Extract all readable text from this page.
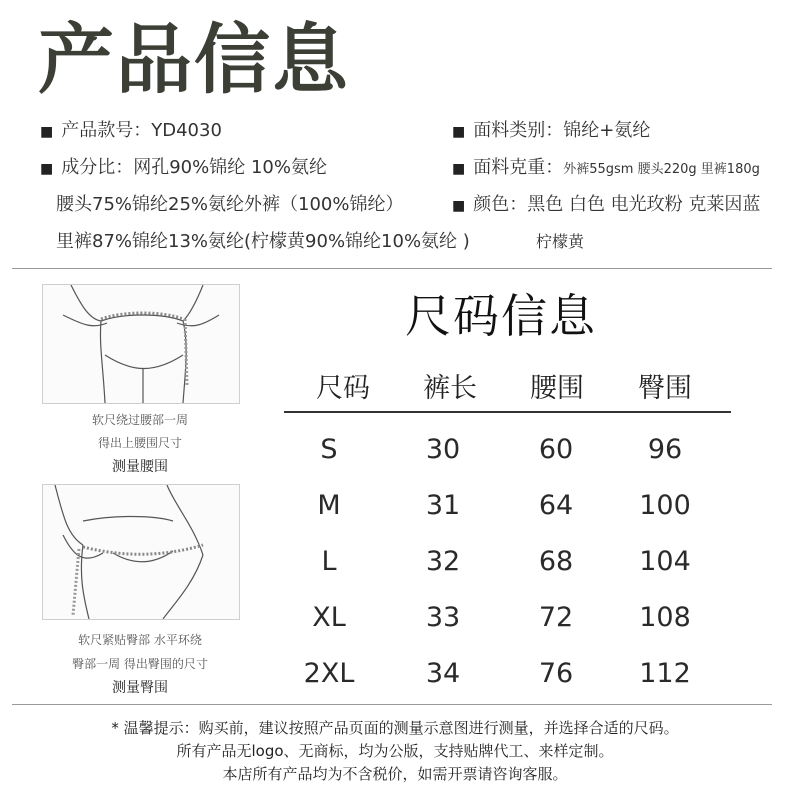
产品信息
■ 产品款号：YD4030
■ 成分比：网孔90%锦纶 10%氨纶
腰头75%锦纶25%氨纶外裤（100%锦纶）
里裤87%锦纶13%氨纶(柠檬黄90%锦纶10%氨纶 )
■ 面料类别：锦纶+氨纶
■ 面料克重：外裤55gsm 腰头220g 里裤180g
■ 颜色：黑色 白色 电光玫粉 克莱因蓝
柠檬黄
软尺绕过腰部一周
得出上腰围尺寸
测量腰围
软尺紧贴臀部 水平环绕
臀部一周 得出臀围的尺寸
测量臀围
尺码信息
尺码	裤长	腰围	臀围
S	30	60	96
M	31	64	100
L	32	68	104
XL	33	72	108
2XL	34	76	112
* 温馨提示：购买前，建议按照产品页面的测量示意图进行测量，并选择合适的尺码。
所有产品无logo、无商标，均为公版，支持贴牌代工、来样定制。
本店所有产品均为不含税价，如需开票请咨询客服。
